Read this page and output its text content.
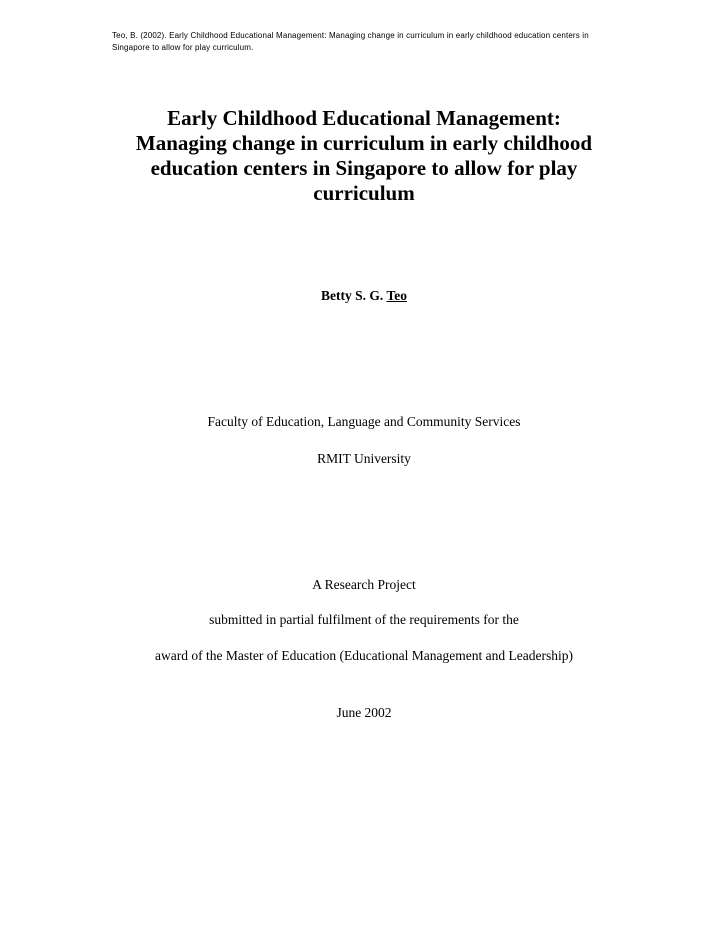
Teo, B. (2002). Early Childhood Educational Management: Managing change in curriculum in early childhood education centers in Singapore to allow for play curriculum.
Early Childhood Educational Management:
Managing change in curriculum in early childhood
education centers in Singapore to allow for play
curriculum
Betty S. G. Teo
Faculty of Education, Language and Community Services
RMIT University
A Research Project
submitted in partial fulfilment of the requirements for the
award of the Master of Education (Educational Management and Leadership)
June 2002
